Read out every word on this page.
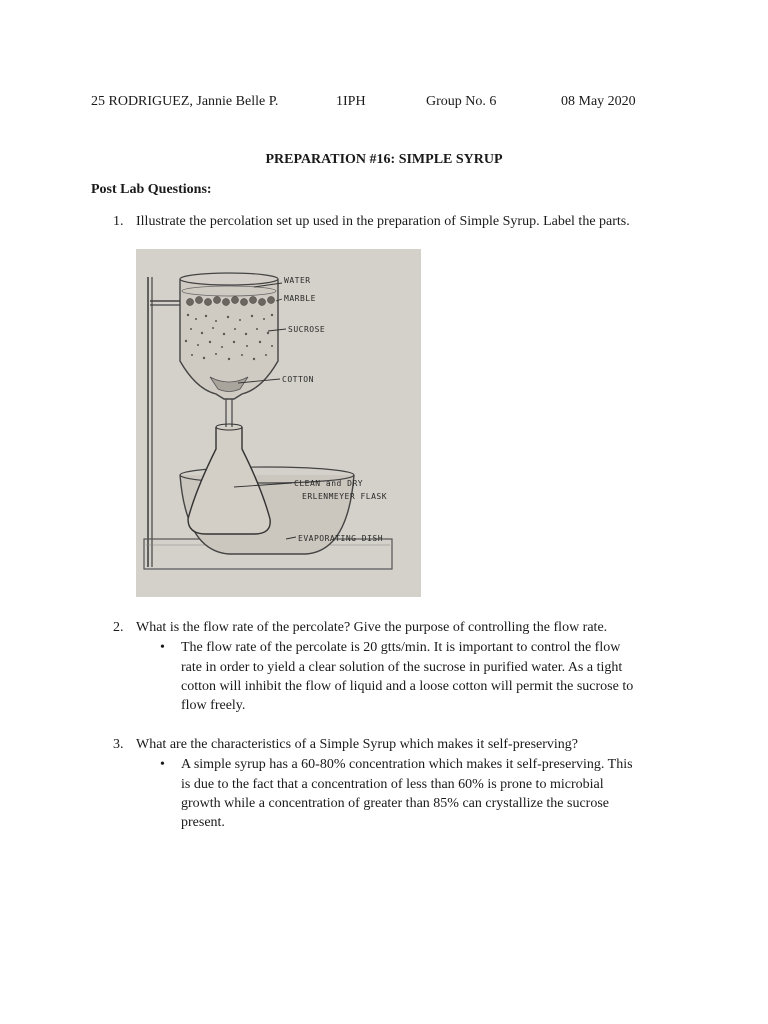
25 RODRIGUEZ, Jannie Belle P.	1IPH	Group No. 6	08 May 2020
PREPARATION #16: SIMPLE SYRUP
Post Lab Questions:
1. Illustrate the percolation set up used in the preparation of Simple Syrup. Label the parts.
WATER
MARBLE
SUCROSE
COTTON
CLEAN and DRY
ERLENMEYER FLASK
EVAPORATING DISH
2. What is the flow rate of the percolate? Give the purpose of controlling the flow rate.
• The flow rate of the percolate is 20 gtts/min. It is important to control the flow
rate in order to yield a clear solution of the sucrose in purified water. As a tight
cotton will inhibit the flow of liquid and a loose cotton will permit the sucrose to
flow freely.
3. What are the characteristics of a Simple Syrup which makes it self-preserving?
• A simple syrup has a 60-80% concentration which makes it self-preserving. This
is due to the fact that a concentration of less than 60% is prone to microbial
growth while a concentration of greater than 85% can crystallize the sucrose
present.
